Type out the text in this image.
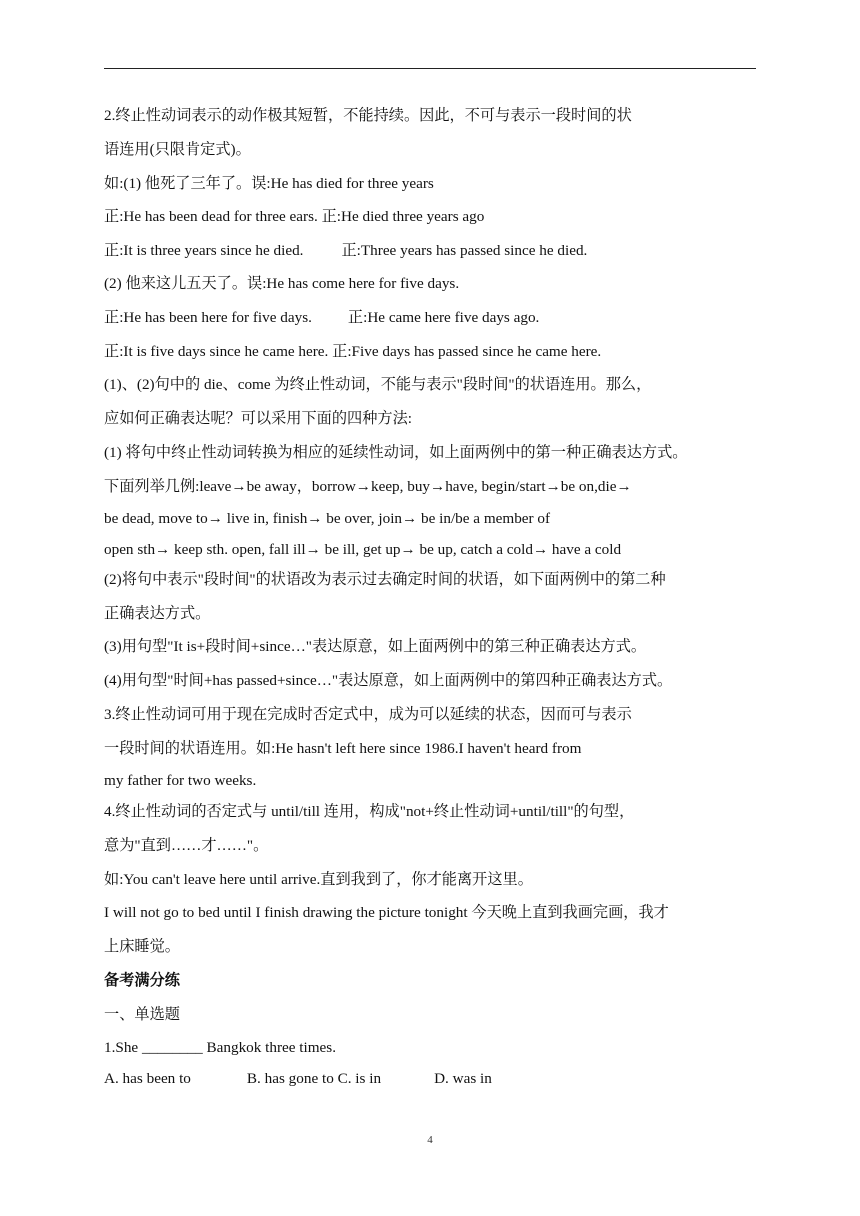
2.终止性动词表示的动作极其短暂，不能持续。因此，不可与表示一段时间的状
语连用(只限肯定式)。
如:(1) 他死了三年了。误:He has died for three years
正:He has been dead for three ears. 正:He died three years ago
正:It is three years since he died.	正:Three years has passed since he died.
(2) 他来这儿五天了。误:He has come here for five days.
正:He has been here for five days. 正:He came here five days ago.
正:It is five days since he came here. 正:Five days has passed since he came here.
(1)、(2)句中的 die、come 为终止性动词，不能与表示"段时间"的状语连用。那么，
应如何正确表达呢？可以采用下面的四种方法:
(1) 将句中终止性动词转换为相应的延续性动词，如上面两例中的第一种正确表达方式。
下面列举几例:leave→be away，borrow→keep, buy→have, begin/start→be on,die→
be dead, move to→ live in, finish→ be over, join→ be in/be a member of
open sth→ keep sth. open, fall ill→ be ill, get up→ be up, catch a cold→ have a cold
(2)将句中表示"段时间"的状语改为表示过去确定时间的状语，如下面两例中的第二种
正确表达方式。
(3)用句型"It is+段时间+since…"表达原意，如上面两例中的第三种正确表达方式。
(4)用句型"时间+has passed+since…"表达原意，如上面两例中的第四种正确表达方式。
3.终止性动词可用于现在完成时否定式中，成为可以延续的状态，因而可与表示
一段时间的状语连用。如:He hasn't left here since 1986.I haven't heard from
my father for two weeks.
4.终止性动词的否定式与 until/till 连用，构成"not+终止性动词+until/till"的句型，
意为"直到……才……"。
如:You can't leave here until arrive.直到我到了，你才能离开这里。
I will not go to bed until I finish drawing the picture tonight 今天晚上直到我画完画，我才
上床睡觉。
备考满分练
一、单选题
1.She ________ Bangkok three times.
A. has been to	B. has gone to C. is in	D. was in
4
